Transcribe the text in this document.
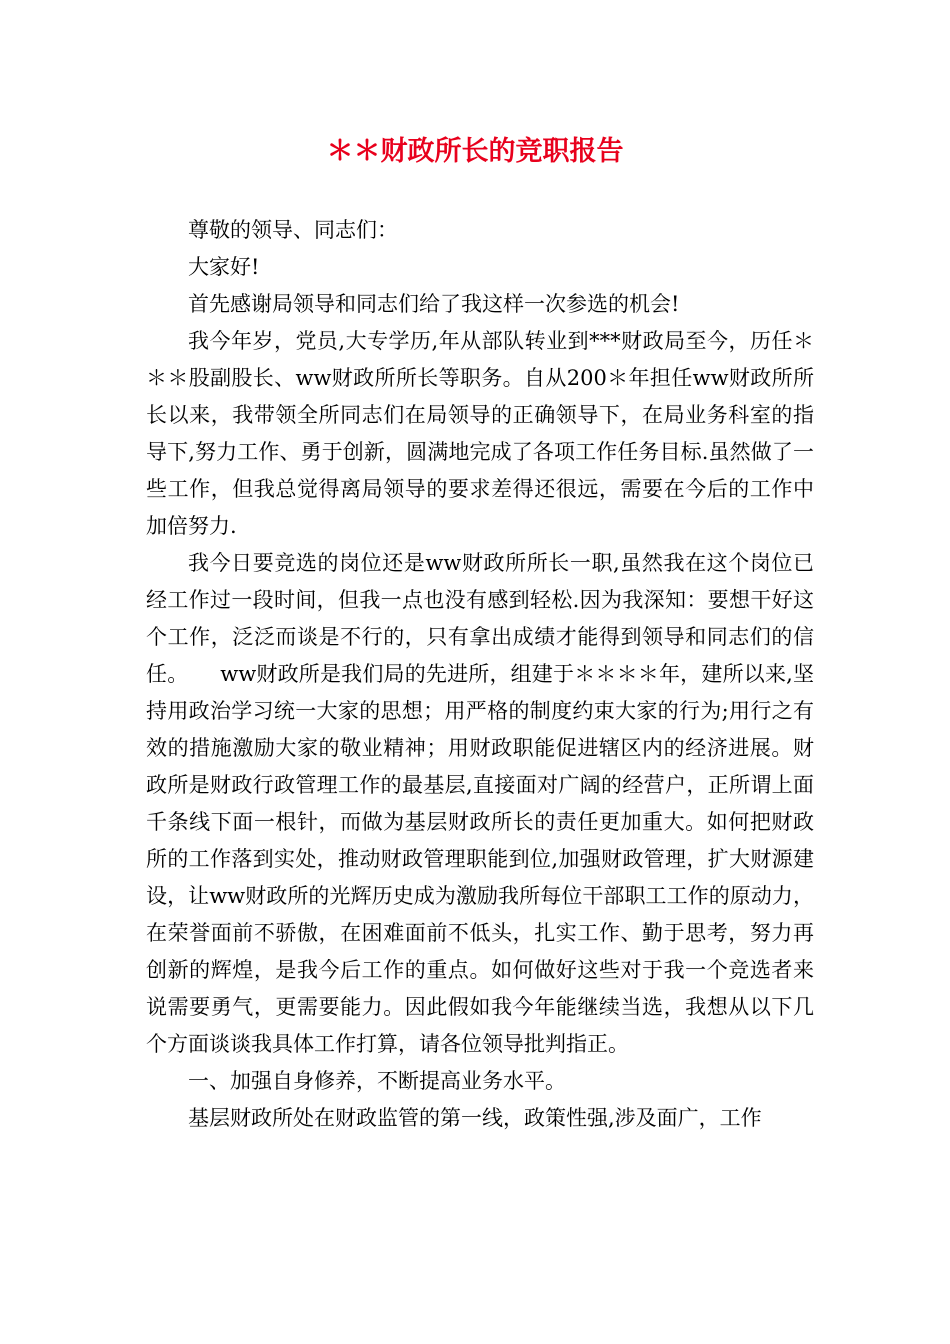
＊＊财政所长的竞职报告

尊敬的领导、同志们：

大家好!

首先感谢局领导和同志们给了我这样一次参选的机会!

我今年岁，党员,大专学历,年从部队转业到***财政局至今，历任＊＊＊股副股长、ww财政所所长等职务。自从200＊年担任ww财政所所长以来，我带领全所同志们在局领导的正确领导下，在局业务科室的指导下,努力工作、勇于创新，圆满地完成了各项工作任务目标.虽然做了一些工作，但我总觉得离局领导的要求差得还很远，需要在今后的工作中加倍努力.

我今日要竞选的岗位还是ww财政所所长一职,虽然我在这个岗位已经工作过一段时间，但我一点也没有感到轻松.因为我深知：要想干好这个工作，泛泛而谈是不行的，只有拿出成绩才能得到领导和同志们的信任。　　ww财政所是我们局的先进所，组建于＊＊＊＊年，建所以来,坚持用政治学习统一大家的思想；用严格的制度约束大家的行为;用行之有效的措施激励大家的敬业精神；用财政职能促进辖区内的经济进展。财政所是财政行政管理工作的最基层,直接面对广阔的经营户，正所谓上面千条线下面一根针，而做为基层财政所长的责任更加重大。如何把财政所的工作落到实处，推动财政管理职能到位,加强财政管理，扩大财源建设，让ww财政所的光辉历史成为激励我所每位干部职工工作的原动力，在荣誉面前不骄傲，在困难面前不低头，扎实工作、勤于思考，努力再创新的辉煌，是我今后工作的重点。如何做好这些对于我一个竞选者来说需要勇气，更需要能力。因此假如我今年能继续当选，我想从以下几个方面谈谈我具体工作打算，请各位领导批判指正。

一、加强自身修养，不断提高业务水平。

基层财政所处在财政监管的第一线，政策性强,涉及面广，工作
